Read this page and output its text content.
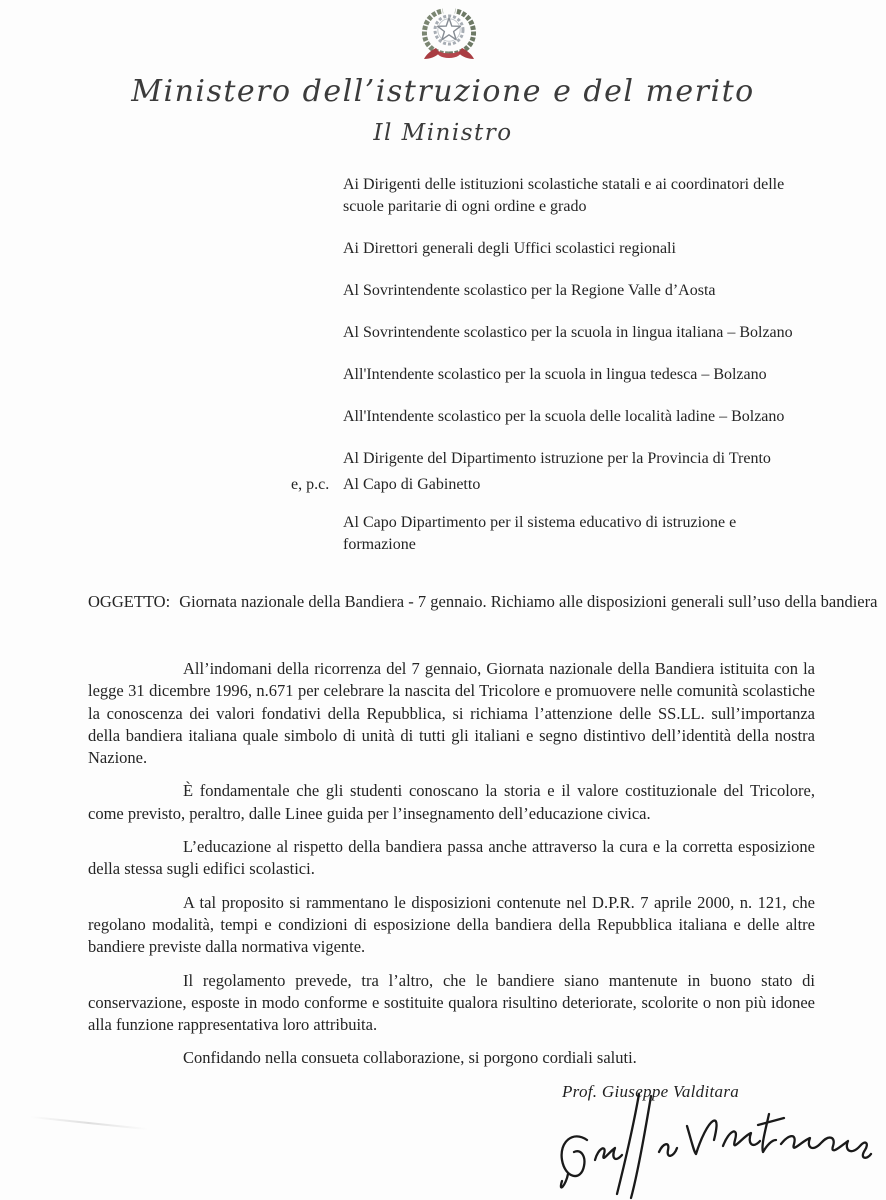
Ministero dell’istruzione e del merito
Il Ministro
Ai Dirigenti delle istituzioni scolastiche statali e ai coordinatori delle scuole paritarie di ogni ordine e grado
Ai Direttori generali degli Uffici scolastici regionali
Al Sovrintendente scolastico per la Regione Valle d’Aosta
Al Sovrintendente scolastico per la scuola in lingua italiana – Bolzano
All'Intendente scolastico per la scuola in lingua tedesca – Bolzano
All'Intendente scolastico per la scuola delle località ladine – Bolzano
Al Dirigente del Dipartimento istruzione per la Provincia di Trento
e, p.c. Al Capo di Gabinetto
Al Capo Dipartimento per il sistema educativo di istruzione e formazione
OGGETTO: Giornata nazionale della Bandiera - 7 gennaio. Richiamo alle disposizioni generali sull’uso della bandiera

All’indomani della ricorrenza del 7 gennaio, Giornata nazionale della Bandiera istituita con la legge 31 dicembre 1996, n.671 per celebrare la nascita del Tricolore e promuovere nelle comunità scolastiche la conoscenza dei valori fondativi della Repubblica, si richiama l’attenzione delle SS.LL. sull’importanza della bandiera italiana quale simbolo di unità di tutti gli italiani e segno distintivo dell’identità della nostra Nazione.

È fondamentale che gli studenti conoscano la storia e il valore costituzionale del Tricolore, come previsto, peraltro, dalle Linee guida per l’insegnamento dell’educazione civica.

L’educazione al rispetto della bandiera passa anche attraverso la cura e la corretta esposizione della stessa sugli edifici scolastici.

A tal proposito si rammentano le disposizioni contenute nel D.P.R. 7 aprile 2000, n. 121, che regolano modalità, tempi e condizioni di esposizione della bandiera della Repubblica italiana e delle altre bandiere previste dalla normativa vigente.

Il regolamento prevede, tra l’altro, che le bandiere siano mantenute in buono stato di conservazione, esposte in modo conforme e sostituite qualora risultino deteriorate, scolorite o non più idonee alla funzione rappresentativa loro attribuita.

Confidando nella consueta collaborazione, si porgono cordiali saluti.

Prof. Giuseppe Valditara
